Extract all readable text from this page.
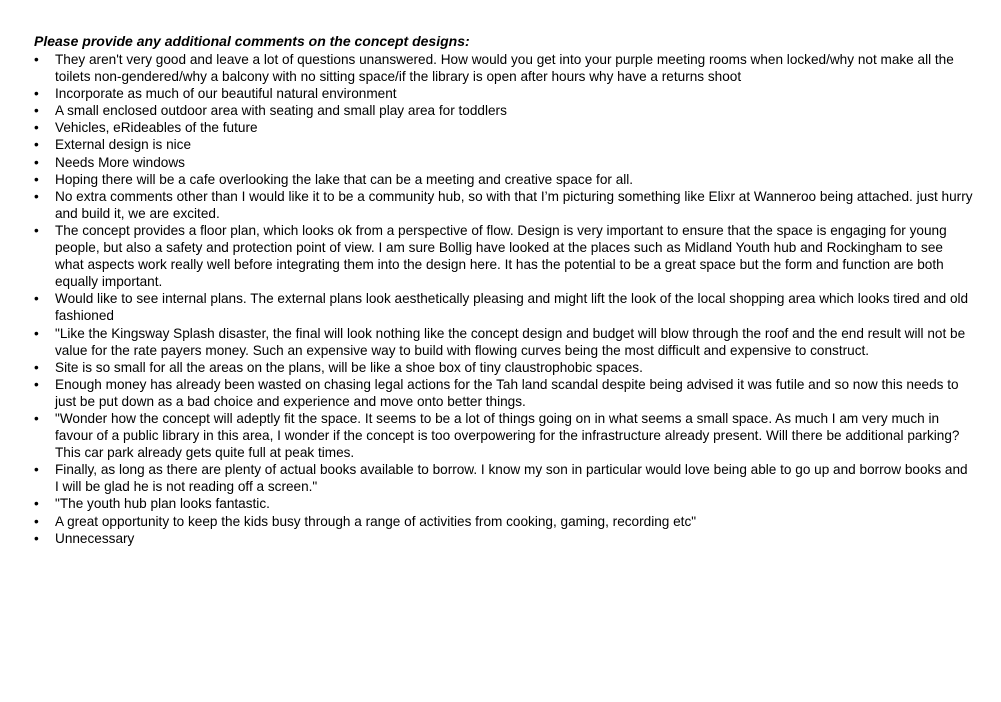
Please provide any additional comments on the concept designs:
•	They aren't very good and leave a lot of questions unanswered. How would you get into your purple meeting rooms when locked/why not make all the toilets non-gendered/why a balcony with no sitting space/if the library is open after hours why have a returns shoot
•	Incorporate as much of our beautiful natural environment
•	A small enclosed outdoor area with seating and small play area for toddlers
•	Vehicles, eRideables of the future
•	External design is nice
•	Needs More windows
•	Hoping there will be a cafe overlooking the lake that can be a meeting and creative space for all.
•	No extra comments other than I would like it to be a community hub, so with that I’m picturing something like Elixr at Wanneroo being attached. just hurry and build it, we are excited.
•	The concept provides a floor plan, which looks ok from a perspective of flow. Design is very important to ensure that the space is engaging for young people, but also a safety and protection point of view. I am sure Bollig have looked at the places such as Midland Youth hub and Rockingham to see what aspects work really well before integrating them into the design here. It has the potential to be a great space but the form and function are both equally important.
•	Would like to see internal plans. The external plans look aesthetically pleasing and might lift the look of the local shopping area which looks tired and old fashioned
•	"Like the Kingsway Splash disaster, the final will look nothing like the concept design and budget will blow through the roof and the end result will not be value for the rate payers money. Such an expensive way to build with flowing curves being the most difficult and expensive to construct.
•	Site is so small for all the areas on the plans, will be like a shoe box of tiny claustrophobic spaces.
•	Enough money has already been wasted on chasing legal actions for the Tah land scandal despite being advised it was futile and so now this needs to just be put down as a bad choice and experience and move onto better things.
•	"Wonder how the concept will adeptly fit the space. It seems to be a lot of things going on in what seems a small space. As much I am very much in favour of a public library in this area, I wonder if the concept is too overpowering for the infrastructure already present. Will there be additional parking? This car park already gets quite full at peak times.
•	Finally, as long as there are plenty of actual books available to borrow. I know my son in particular would love being able to go up and borrow books and I will be glad he is not reading off a screen."
•	"The youth hub plan looks fantastic.
•	A great opportunity to keep the kids busy through a range of activities from cooking, gaming, recording etc"
•	Unnecessary
